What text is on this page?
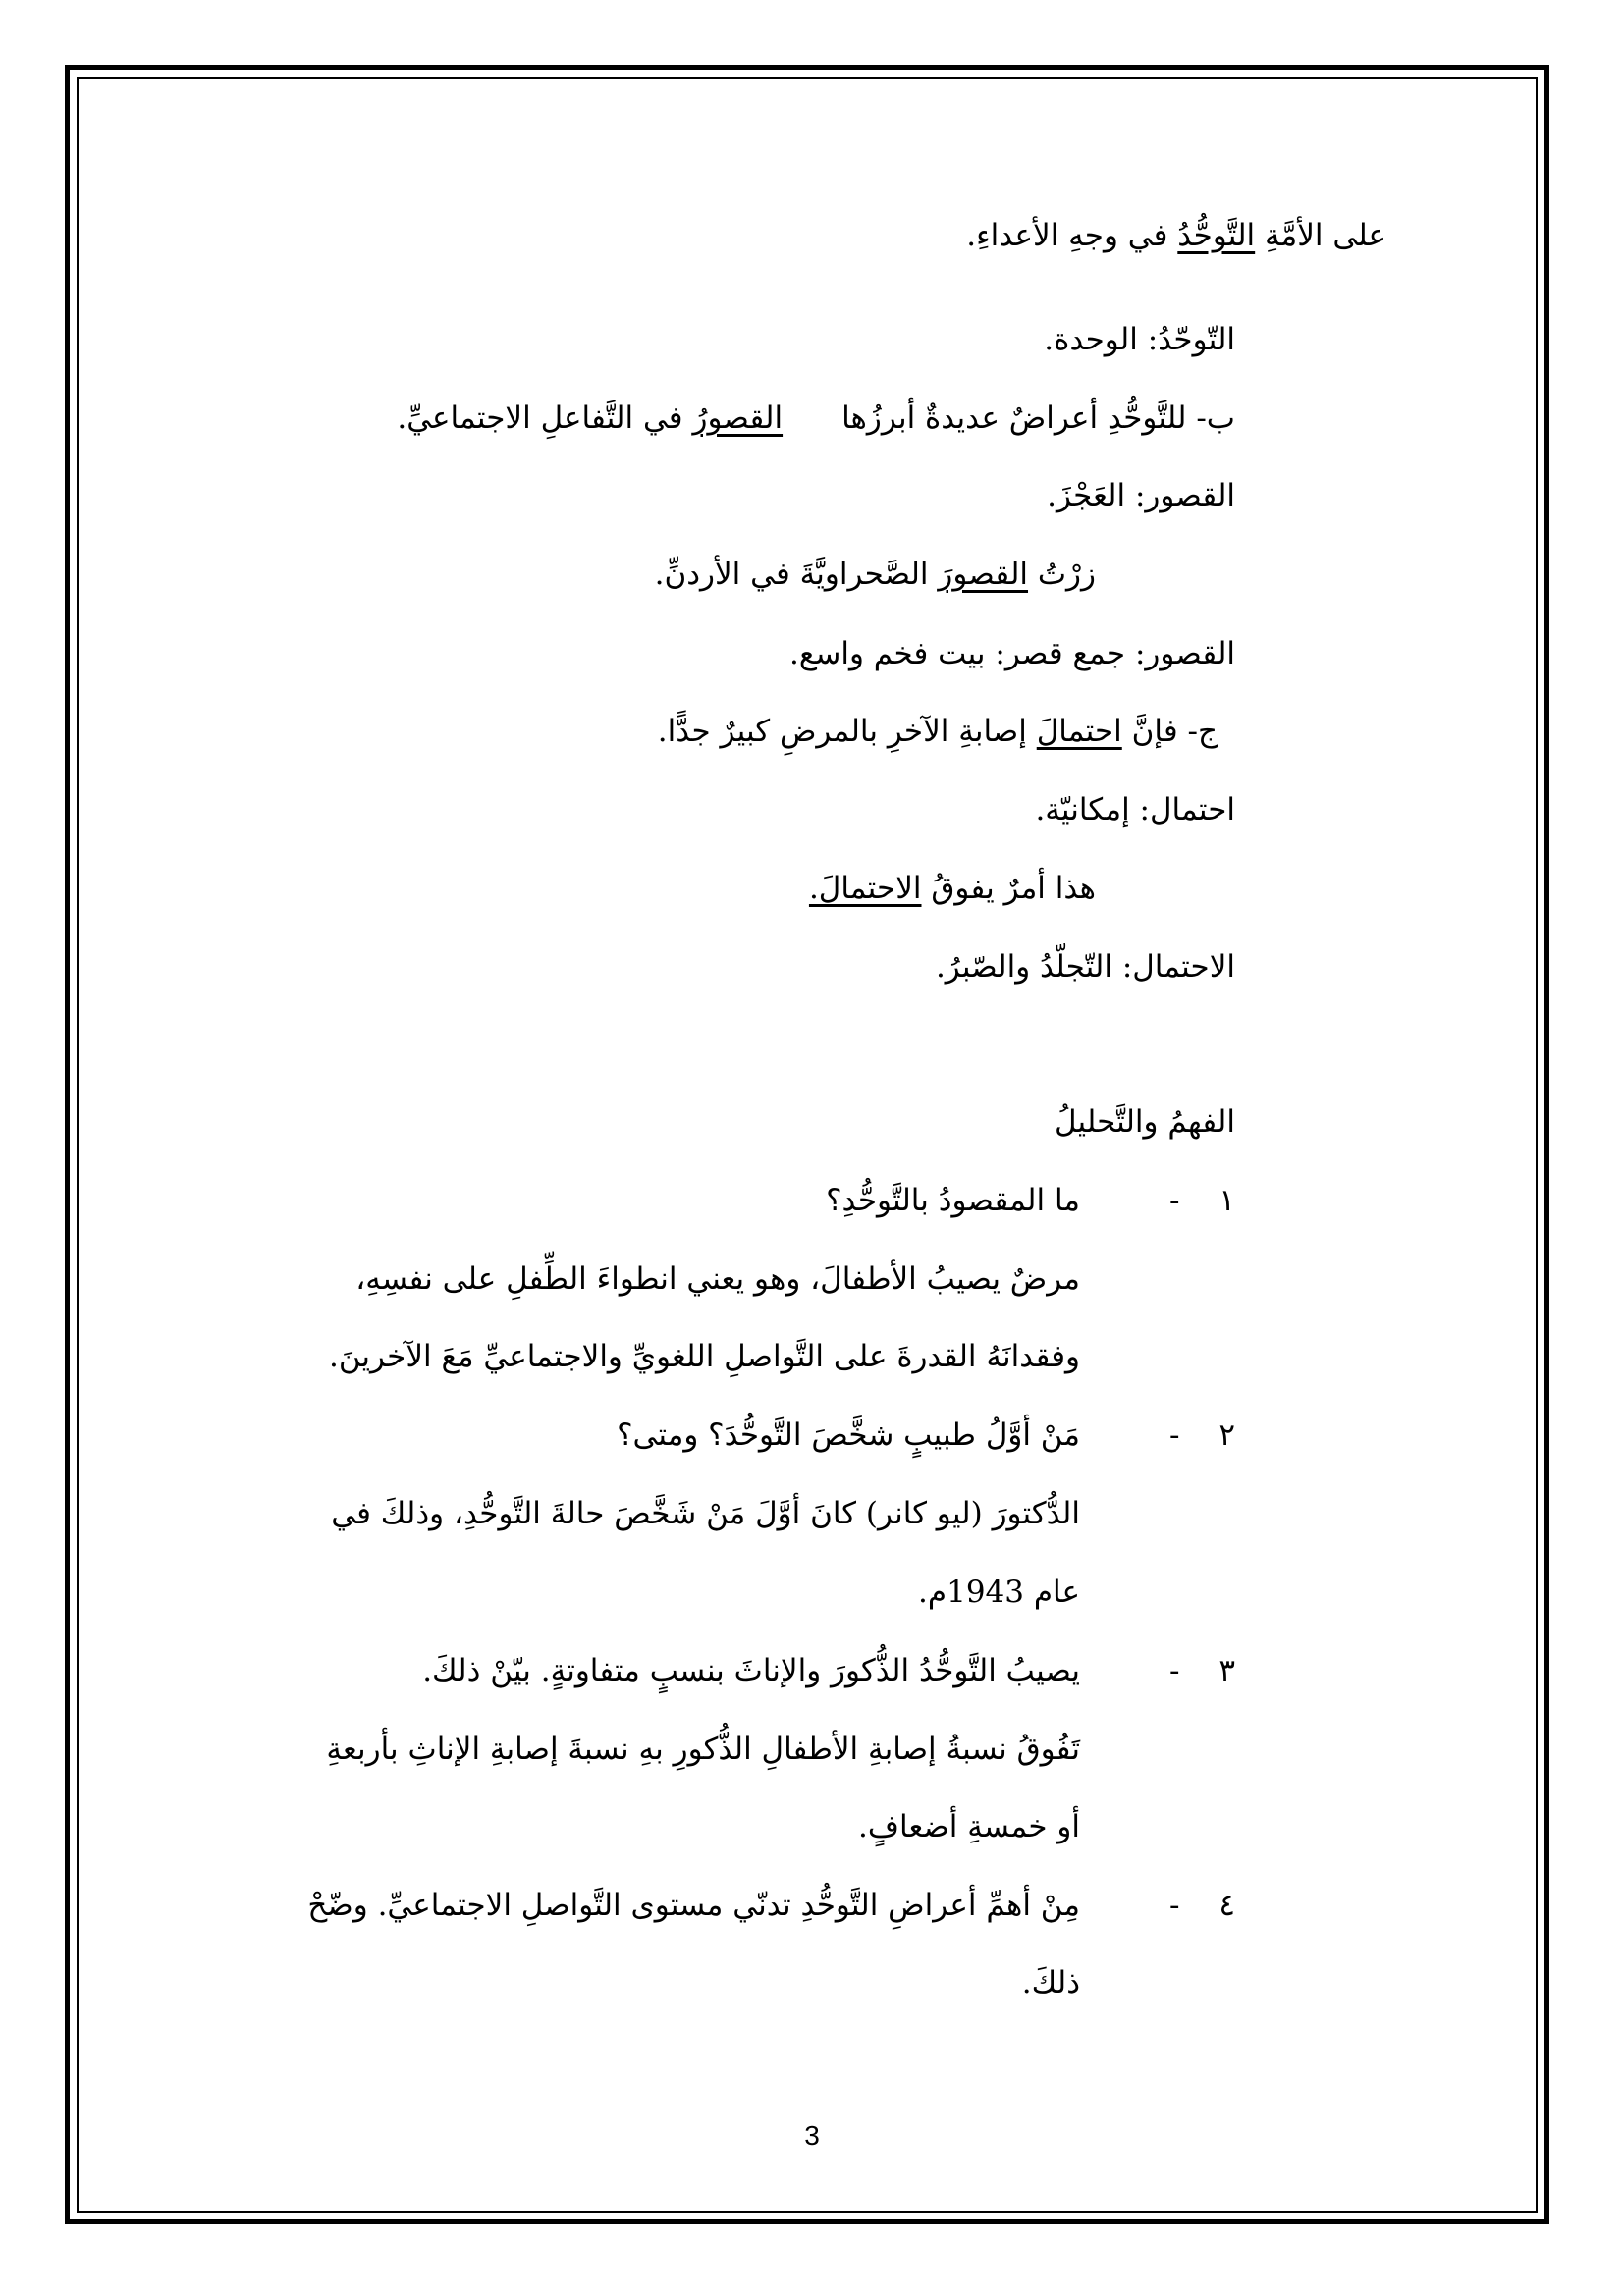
على الأمَّةِ التَّوحُّدُ في وجهِ الأعداءِ.
التّوحّدُ: الوحدة.
ب- للتَّوحُّدِ أعراضٌ عديدةٌ أبرزُهاالقصورُ في التَّفاعلِ الاجتماعيِّ.
القصور: العَجْزَ.
زرْتُ القصورَ الصَّحراويَّةَ في الأردنِّ.
القصور: جمع قصر: بيت فخم واسع.
ج- فإنَّ احتمالَ إصابةِ الآخرِ بالمرضِ كبيرٌ جدًّا.
احتمال: إمكانيّة.
هذا أمرٌ يفوقُ الاحتمالَ.
الاحتمال: التّجلّدُ والصّبرُ.
الفهمُ والتَّحليلُ
١
-
ما المقصودُ بالتَّوحُّدِ؟
مرضٌ يصيبُ الأطفالَ، وهو يعني انطواءَ الطِّفلِ على نفسِهِ،
وفقدانَهُ القدرةَ على التَّواصلِ اللغويِّ والاجتماعيِّ مَعَ الآخرينَ.
٢
-
مَنْ أوَّلُ طبيبٍ شخَّصَ التَّوحُّدَ؟ ومتى؟
الدُّكتورَ (ليو كانر) كانَ أوَّلَ مَنْ شَخَّصَ حالةَ التَّوحُّدِ، وذلكَ في
عام 1943م.
٣
-
يصيبُ التَّوحُّدُ الذُّكورَ والإناثَ بنسبٍ متفاوتةٍ. بيّنْ ذلكَ.
تَفُوقُ نسبةُ إصابةِ الأطفالِ الذُّكورِ بهِ نسبةَ إصابةِ الإناثِ بأربعةِ
أو خمسةِ أضعافٍ.
٤
-
مِنْ أهمِّ أعراضِ التَّوحُّدِ تدنّي مستوى التَّواصلِ الاجتماعيِّ. وضّحْ
ذلكَ.
3
